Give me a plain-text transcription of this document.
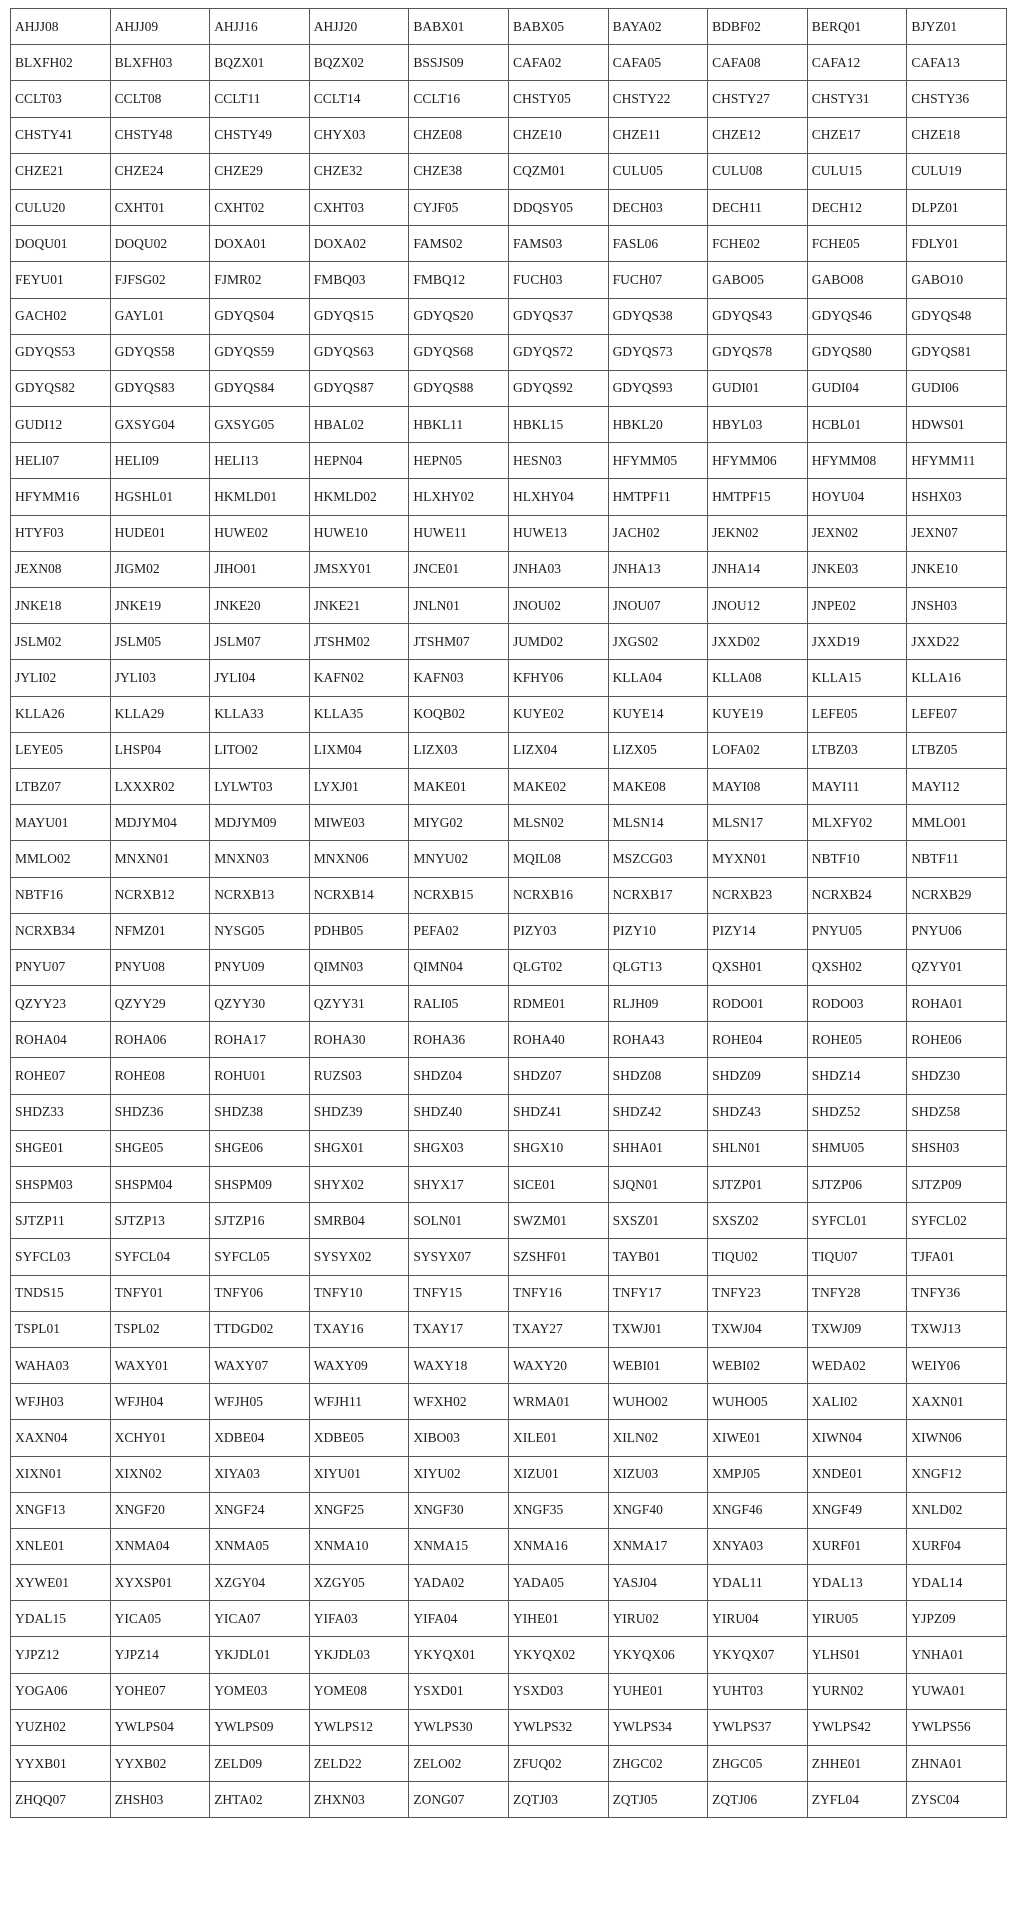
AHJJ08	AHJJ09	AHJJ16	AHJJ20	BABX01	BABX05	BAYA02	BDBF02	BERQ01	BJYZ01
BLXFH02	BLXFH03	BQZX01	BQZX02	BSSJS09	CAFA02	CAFA05	CAFA08	CAFA12	CAFA13
CCLT03	CCLT08	CCLT11	CCLT14	CCLT16	CHSTY05	CHSTY22	CHSTY27	CHSTY31	CHSTY36
CHSTY41	CHSTY48	CHSTY49	CHYX03	CHZE08	CHZE10	CHZE11	CHZE12	CHZE17	CHZE18
CHZE21	CHZE24	CHZE29	CHZE32	CHZE38	CQZM01	CULU05	CULU08	CULU15	CULU19
CULU20	CXHT01	CXHT02	CXHT03	CYJF05	DDQSY05	DECH03	DECH11	DECH12	DLPZ01
DOQU01	DOQU02	DOXA01	DOXA02	FAMS02	FAMS03	FASL06	FCHE02	FCHE05	FDLY01
FEYU01	FJFSG02	FJMR02	FMBQ03	FMBQ12	FUCH03	FUCH07	GABO05	GABO08	GABO10
GACH02	GAYL01	GDYQS04	GDYQS15	GDYQS20	GDYQS37	GDYQS38	GDYQS43	GDYQS46	GDYQS48
GDYQS53	GDYQS58	GDYQS59	GDYQS63	GDYQS68	GDYQS72	GDYQS73	GDYQS78	GDYQS80	GDYQS81
GDYQS82	GDYQS83	GDYQS84	GDYQS87	GDYQS88	GDYQS92	GDYQS93	GUDI01	GUDI04	GUDI06
GUDI12	GXSYG04	GXSYG05	HBAL02	HBKL11	HBKL15	HBKL20	HBYL03	HCBL01	HDWS01
HELI07	HELI09	HELI13	HEPN04	HEPN05	HESN03	HFYMM05	HFYMM06	HFYMM08	HFYMM11
HFYMM16	HGSHL01	HKMLD01	HKMLD02	HLXHY02	HLXHY04	HMTPF11	HMTPF15	HOYU04	HSHX03
HTYF03	HUDE01	HUWE02	HUWE10	HUWE11	HUWE13	JACH02	JEKN02	JEXN02	JEXN07
JEXN08	JIGM02	JIHO01	JMSXY01	JNCE01	JNHA03	JNHA13	JNHA14	JNKE03	JNKE10
JNKE18	JNKE19	JNKE20	JNKE21	JNLN01	JNOU02	JNOU07	JNOU12	JNPE02	JNSH03
JSLM02	JSLM05	JSLM07	JTSHM02	JTSHM07	JUMD02	JXGS02	JXXD02	JXXD19	JXXD22
JYLI02	JYLI03	JYLI04	KAFN02	KAFN03	KFHY06	KLLA04	KLLA08	KLLA15	KLLA16
KLLA26	KLLA29	KLLA33	KLLA35	KOQB02	KUYE02	KUYE14	KUYE19	LEFE05	LEFE07
LEYE05	LHSP04	LITO02	LIXM04	LIZX03	LIZX04	LIZX05	LOFA02	LTBZ03	LTBZ05
LTBZ07	LXXXR02	LYLWT03	LYXJ01	MAKE01	MAKE02	MAKE08	MAYI08	MAYI11	MAYI12
MAYU01	MDJYM04	MDJYM09	MIWE03	MIYG02	MLSN02	MLSN14	MLSN17	MLXFY02	MMLO01
MMLO02	MNXN01	MNXN03	MNXN06	MNYU02	MQIL08	MSZCG03	MYXN01	NBTF10	NBTF11
NBTF16	NCRXB12	NCRXB13	NCRXB14	NCRXB15	NCRXB16	NCRXB17	NCRXB23	NCRXB24	NCRXB29
NCRXB34	NFMZ01	NYSG05	PDHB05	PEFA02	PIZY03	PIZY10	PIZY14	PNYU05	PNYU06
PNYU07	PNYU08	PNYU09	QIMN03	QIMN04	QLGT02	QLGT13	QXSH01	QXSH02	QZYY01
QZYY23	QZYY29	QZYY30	QZYY31	RALI05	RDME01	RLJH09	RODO01	RODO03	ROHA01
ROHA04	ROHA06	ROHA17	ROHA30	ROHA36	ROHA40	ROHA43	ROHE04	ROHE05	ROHE06
ROHE07	ROHE08	ROHU01	RUZS03	SHDZ04	SHDZ07	SHDZ08	SHDZ09	SHDZ14	SHDZ30
SHDZ33	SHDZ36	SHDZ38	SHDZ39	SHDZ40	SHDZ41	SHDZ42	SHDZ43	SHDZ52	SHDZ58
SHGE01	SHGE05	SHGE06	SHGX01	SHGX03	SHGX10	SHHA01	SHLN01	SHMU05	SHSH03
SHSPM03	SHSPM04	SHSPM09	SHYX02	SHYX17	SICE01	SJQN01	SJTZP01	SJTZP06	SJTZP09
SJTZP11	SJTZP13	SJTZP16	SMRB04	SOLN01	SWZM01	SXSZ01	SXSZ02	SYFCL01	SYFCL02
SYFCL03	SYFCL04	SYFCL05	SYSYX02	SYSYX07	SZSHF01	TAYB01	TIQU02	TIQU07	TJFA01
TNDS15	TNFY01	TNFY06	TNFY10	TNFY15	TNFY16	TNFY17	TNFY23	TNFY28	TNFY36
TSPL01	TSPL02	TTDGD02	TXAY16	TXAY17	TXAY27	TXWJ01	TXWJ04	TXWJ09	TXWJ13
WAHA03	WAXY01	WAXY07	WAXY09	WAXY18	WAXY20	WEBI01	WEBI02	WEDA02	WEIY06
WFJH03	WFJH04	WFJH05	WFJH11	WFXH02	WRMA01	WUHO02	WUHO05	XALI02	XAXN01
XAXN04	XCHY01	XDBE04	XDBE05	XIBO03	XILE01	XILN02	XIWE01	XIWN04	XIWN06
XIXN01	XIXN02	XIYA03	XIYU01	XIYU02	XIZU01	XIZU03	XMPJ05	XNDE01	XNGF12
XNGF13	XNGF20	XNGF24	XNGF25	XNGF30	XNGF35	XNGF40	XNGF46	XNGF49	XNLD02
XNLE01	XNMA04	XNMA05	XNMA10	XNMA15	XNMA16	XNMA17	XNYA03	XURF01	XURF04
XYWE01	XYXSP01	XZGY04	XZGY05	YADA02	YADA05	YASJ04	YDAL11	YDAL13	YDAL14
YDAL15	YICA05	YICA07	YIFA03	YIFA04	YIHE01	YIRU02	YIRU04	YIRU05	YJPZ09
YJPZ12	YJPZ14	YKJDL01	YKJDL03	YKYQX01	YKYQX02	YKYQX06	YKYQX07	YLHS01	YNHA01
YOGA06	YOHE07	YOME03	YOME08	YSXD01	YSXD03	YUHE01	YUHT03	YURN02	YUWA01
YUZH02	YWLPS04	YWLPS09	YWLPS12	YWLPS30	YWLPS32	YWLPS34	YWLPS37	YWLPS42	YWLPS56
YYXB01	YYXB02	ZELD09	ZELD22	ZELO02	ZFUQ02	ZHGC02	ZHGC05	ZHHE01	ZHNA01
ZHQQ07	ZHSH03	ZHTA02	ZHXN03	ZONG07	ZQTJ03	ZQTJ05	ZQTJ06	ZYFL04	ZYSC04
